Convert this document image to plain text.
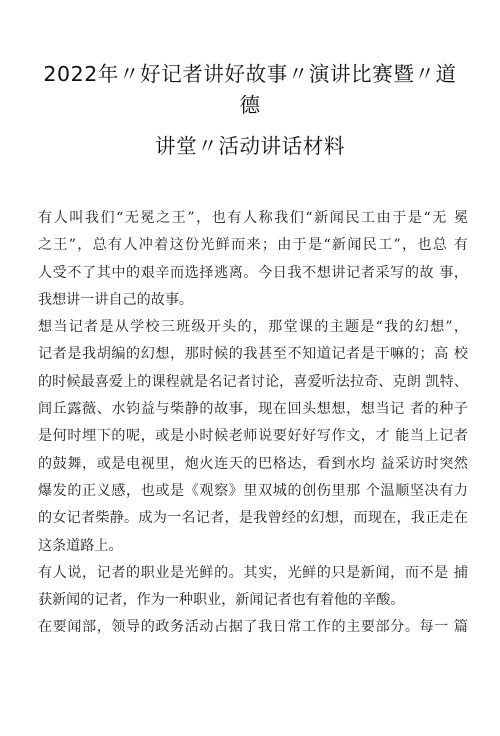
2022年〃好记者讲好故事〃演讲比赛暨〃道
德
讲堂〃活动讲话材料
有人叫我们“无冕之王”，也有人称我们“新闻民工由于是“无 冕
之王”，总有人冲着这份光鲜而来；由于是“新闻民工”，也总 有
人受不了其中的艰辛而选择逃离。今日我不想讲记者采写的故 事，
我想讲一讲自己的故事。
想当记者是从学校三班级开头的，那堂课的主题是“我的幻想”，
记者是我胡编的幻想，那时候的我甚至不知道记者是干嘛的；高 校
的时候最喜爱上的课程就是名记者讨论，喜爱听法拉奇、克朗 凯特、
闾丘露薇、水钧益与柴静的故事，现在回头想想，想当记 者的种子
是何时埋下的呢，或是小时候老师说要好好写作文，才 能当上记者
的鼓舞，或是电视里，炮火连天的巴格达，看到水均 益采访时突然
爆发的正义感，也或是《观察》里双城的创伤里那 个温顺坚决有力
的女记者柴静。成为一名记者，是我曾经的幻想，而现在，我正走在
这条道路上。
有人说，记者的职业是光鲜的。其实，光鲜的只是新闻，而不是 捕
获新闻的记者，作为一种职业，新闻记者也有着他的辛酸。
在要闻部，领导的政务活动占据了我日常工作的主要部分。每一 篇
